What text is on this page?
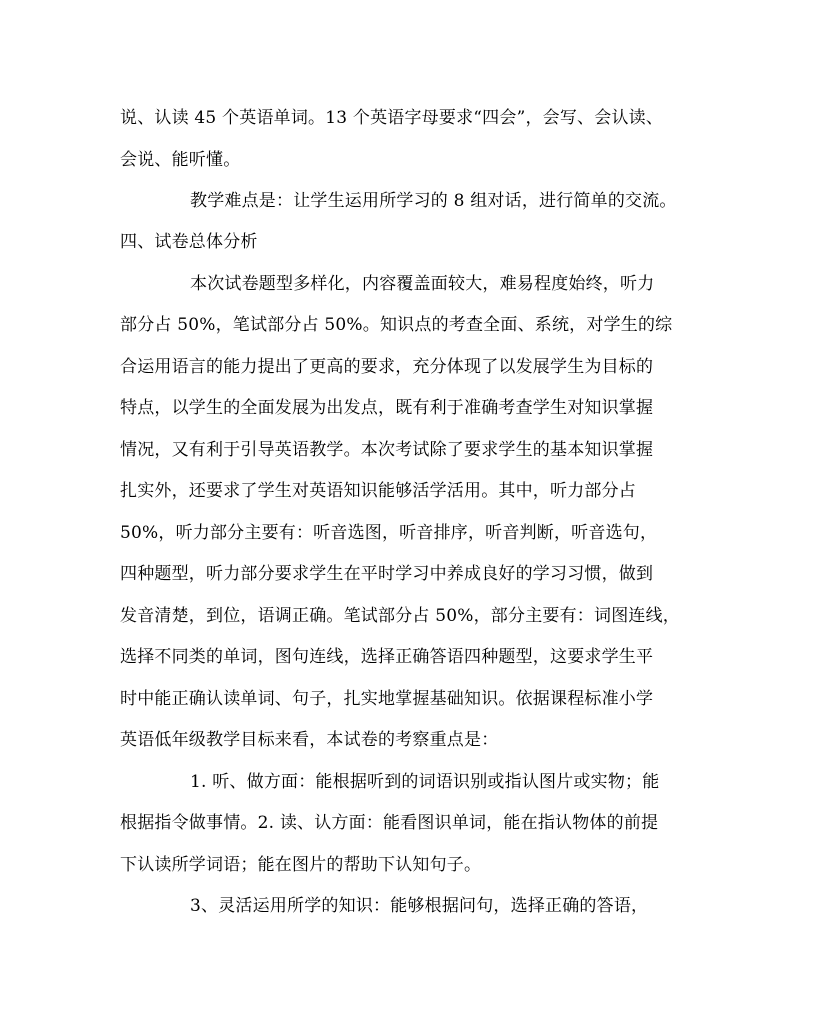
说、认读 45 个英语单词。13 个英语字母要求“四会”，会写、会认读、
会说、能听懂。
教学难点是：让学生运用所学习的 8 组对话，进行简单的交流。
四、试卷总体分析
本次试卷题型多样化，内容覆盖面较大，难易程度始终，听力
部分占 50%，笔试部分占 50%。知识点的考查全面、系统，对学生的综
合运用语言的能力提出了更高的要求，充分体现了以发展学生为目标的
特点，以学生的全面发展为出发点，既有利于准确考查学生对知识掌握
情况，又有利于引导英语教学。本次考试除了要求学生的基本知识掌握
扎实外，还要求了学生对英语知识能够活学活用。其中，听力部分占
50%，听力部分主要有：听音选图，听音排序，听音判断，听音选句，
四种题型，听力部分要求学生在平时学习中养成良好的学习习惯，做到
发音清楚，到位，语调正确。笔试部分占 50%，部分主要有：词图连线，
选择不同类的单词，图句连线，选择正确答语四种题型，这要求学生平
时中能正确认读单词、句子，扎实地掌握基础知识。依据课程标准小学
英语低年级教学目标来看，本试卷的考察重点是：
1. 听、做方面：能根据听到的词语识别或指认图片或实物；能
根据指令做事情。2. 读、认方面：能看图识单词，能在指认物体的前提
下认读所学词语；能在图片的帮助下认知句子。
3、灵活运用所学的知识：能够根据问句，选择正确的答语，
